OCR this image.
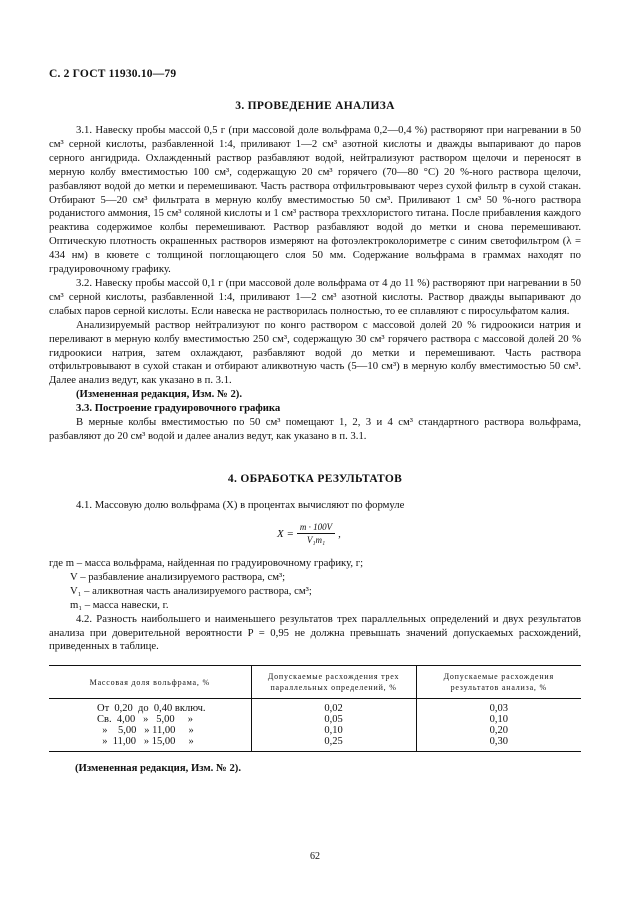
С. 2 ГОСТ 11930.10—79
3. ПРОВЕДЕНИЕ АНАЛИЗА

3.1. Навеску пробы массой 0,5 г (при массовой доле вольфрама 0,2—0,4 %) растворяют при нагревании в 50 см³ серной кислоты, разбавленной 1:4, приливают 1—2 см³ азотной кислоты и дважды выпаривают до паров серного ангидрида. Охлажденный раствор разбавляют водой, нейтрализуют раствором щелочи и переносят в мерную колбу вместимостью 100 см³, содержащую 20 см³ горячего (70—80 °С) 20 %-ного раствора щелочи, разбавляют водой до метки и перемешивают. Часть раствора отфильтровывают через сухой фильтр в сухой стакан. Отбирают 5—20 см³ фильтрата в мерную колбу вместимостью 50 см³. Приливают 1 см³ 50 %-ного раствора роданистого аммония, 15 см³ соляной кислоты и 1 см³ раствора треххлористого титана. После прибавления каждого реактива содержимое колбы перемешивают. Раствор разбавляют водой до метки и снова перемешивают. Оптическую плотность окрашенных растворов измеряют на фотоэлектроколориметре с синим светофильтром (λ = 434 нм) в кювете с толщиной поглощающего слоя 50 мм. Содержание вольфрама в граммах находят по градуировочному графику.

3.2. Навеску пробы массой 0,1 г (при массовой доле вольфрама от 4 до 11 %) растворяют при нагревании в 50 см³ серной кислоты, разбавленной 1:4, приливают 1—2 см³ азотной кислоты. Раствор дважды выпаривают до слабых паров серной кислоты. Если навеска не растворилась полностью, то ее сплавляют с пиросульфатом калия.

Анализируемый раствор нейтрализуют по конго раствором с массовой долей 20 % гидроокиси натрия и переливают в мерную колбу вместимостью 250 см³, содержащую 30 см³ горячего раствора с массовой долей 20 % гидроокиси натрия, затем охлаждают, разбавляют водой до метки и перемешивают. Часть раствора отфильтровывают в сухой стакан и отбирают аликвотную часть (5—10 см³) в мерную колбу вместимостью 50 см³. Далее анализ ведут, как указано в п. 3.1.

(Измененная редакция, Изм. № 2).

3.3. Построение градуировочного графика

В мерные колбы вместимостью по 50 см³ помещают 1, 2, 3 и 4 см³ стандартного раствора вольфрама, разбавляют до 20 см³ водой и далее анализ ведут, как указано в п. 3.1.

4. ОБРАБОТКА РЕЗУЛЬТАТОВ

4.1. Массовую долю вольфрама (X) в процентах вычисляют по формуле

$X = \frac{m \cdot 100V}{\text{V₁m₁}}$ ,
где m – масса вольфрама, найденная по градуировочному графику, г;
V – разбавление анализируемого раствора, см³;
V₁ – аликвотная часть анализируемого раствора, см³;
m₁ – масса навески, г.
4.2. Разность наибольшего и наименьшего результатов трех параллельных определений и двух результатов анализа при доверительной вероятности P = 0,95 не должна превышать значений допускаемых расхождений, приведенных в таблице.
Массовая доля вольфрама, %	Допускаемые расхождения трех параллельных определений, %	Допускаемые расхождения результатов анализа, %
От  0,20  до  0,40 включ.	0,02	0,03
Св.  4,00   »   5,00     »	0,05	0,10
»    5,00   » 11,00     »	0,10	0,20
»  11,00   » 15,00     »	0,25	0,30
(Измененная редакция, Изм. № 2).
62
